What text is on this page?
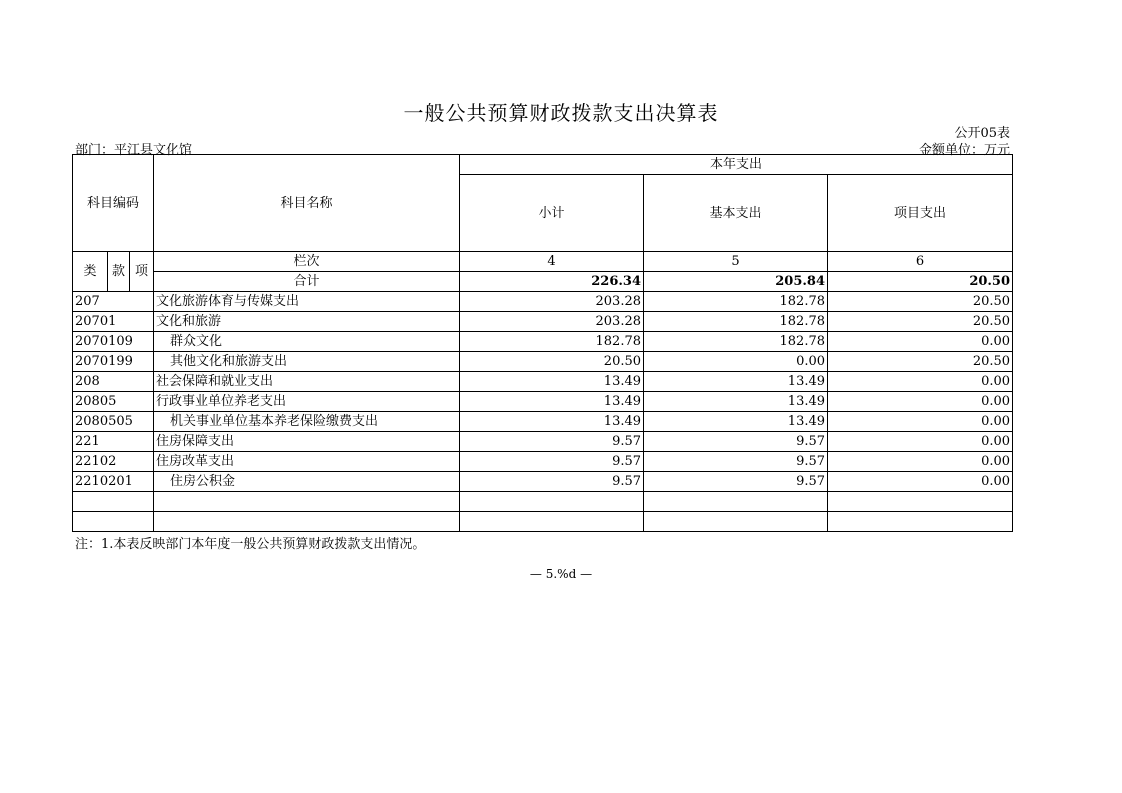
一般公共预算财政拨款支出决算表
公开05表
部门：平江县文化馆	金额单位：万元
科目编码			科目名称	本年支出		
				小计	基本支出	项目支出
类	款	项	栏次	4	5	6
			合计	226.34	205.84	20.50
207			文化旅游体育与传媒支出	203.28	182.78	20.50
20701			文化和旅游	203.28	182.78	20.50
2070109			群众文化	182.78	182.78	0.00
2070199			其他文化和旅游支出	20.50	0.00	20.50
208			社会保障和就业支出	13.49	13.49	0.00
20805			行政事业单位养老支出	13.49	13.49	0.00
2080505			机关事业单位基本养老保险缴费支出	13.49	13.49	0.00
221			住房保障支出	9.57	9.57	0.00
22102			住房改革支出	9.57	9.57	0.00
2210201			住房公积金	9.57	9.57	0.00

注：1.本表反映部门本年度一般公共预算财政拨款支出情况。
— 5.%d —
